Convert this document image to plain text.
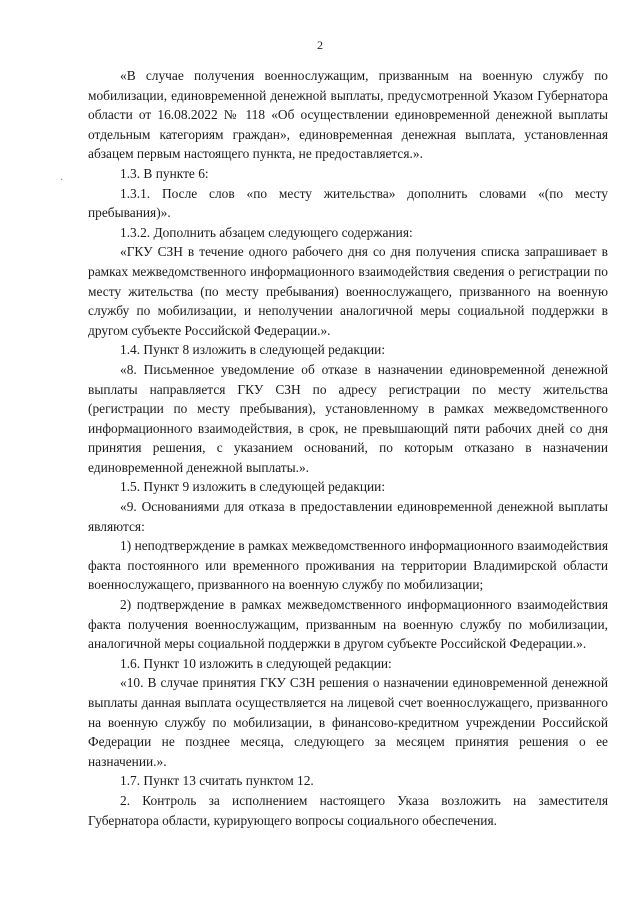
2

«В случае получения военнослужащим, призванным на военную службу по мобилизации, единовременной денежной выплаты, предусмотренной Указом Губернатора области от 16.08.2022 № 118 «Об осуществлении единовременной денежной выплаты отдельным категориям граждан», единовременная денежная выплата, установленная абзацем первым настоящего пункта, не предоставляется.».

1.3. В пункте 6:

1.3.1. После слов «по месту жительства» дополнить словами «(по месту пребывания)».

1.3.2. Дополнить абзацем следующего содержания:

«ГКУ СЗН в течение одного рабочего дня со дня получения списка запрашивает в рамках межведомственного информационного взаимодействия сведения о регистрации по месту жительства (по месту пребывания) военнослужащего, призванного на военную службу по мобилизации, и неполучении аналогичной меры социальной поддержки в другом субъекте Российской Федерации.».

1.4. Пункт 8 изложить в следующей редакции:

«8. Письменное уведомление об отказе в назначении единовременной денежной выплаты направляется ГКУ СЗН по адресу регистрации по месту жительства (регистрации по месту пребывания), установленному в рамках межведомственного информационного взаимодействия, в срок, не превышающий пяти рабочих дней со дня принятия решения, с указанием оснований, по которым отказано в назначении единовременной денежной выплаты.».

1.5. Пункт 9 изложить в следующей редакции:

«9. Основаниями для отказа в предоставлении единовременной денежной выплаты являются:

1) неподтверждение в рамках межведомственного информационного взаимодействия факта постоянного или временного проживания на территории Владимирской области военнослужащего, призванного на военную службу по мобилизации;

2) подтверждение в рамках межведомственного информационного взаимодействия факта получения военнослужащим, призванным на военную службу по мобилизации, аналогичной меры социальной поддержки в другом субъекте Российской Федерации.».

1.6. Пункт 10 изложить в следующей редакции:

«10. В случае принятия ГКУ СЗН решения о назначении единовременной денежной выплаты данная выплата осуществляется на лицевой счет военнослужащего, призванного на военную службу по мобилизации, в финансово-кредитном учреждении Российской Федерации не позднее месяца, следующего за месяцем принятия решения о ее назначении.».

1.7. Пункт 13 считать пунктом 12.

2. Контроль за исполнением настоящего Указа возложить на заместителя Губернатора области, курирующего вопросы социального обеспечения.

·
